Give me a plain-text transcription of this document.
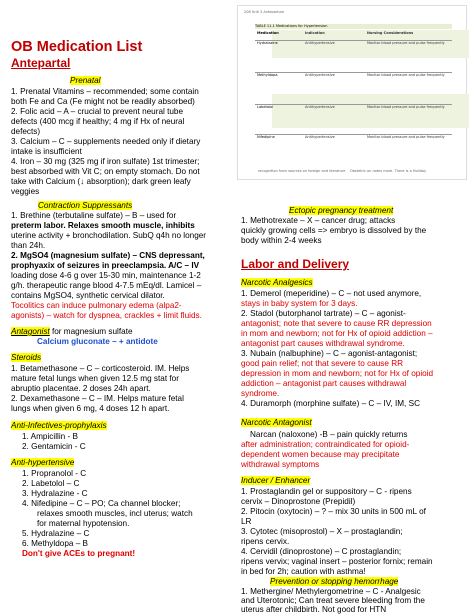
208 Unit 3 Antepartum
TABLE 11-1 Medications for Hypertension
Medication	Indication	Nursing Considerations
Hydralazine	Antihypertensive	Monitor blood pressure and pulse frequently
Methyldopa	Antihypertensive	Monitor blood pressure and pulse frequently
Labetalol	Antihypertensive	Monitor blood pressure and pulse frequently
Nifedipine	Antihypertensive	Monitor blood pressure and pulse frequently
recognition from sources on foreign and literature Obstetric on notes more. There is a Holiday
OB Medication List
Antepartal
Prenatal
1. Prenatal Vitamins – recommended; some contain
both Fe and Ca (Fe might not be readily absorbed)
2. Folic acid – A – crucial to prevent neural tube
defects (400 mcg if healthy; 4 mg if Hx of neural
defects)
3. Calcium – C – supplements needed only if dietary
intake is insufficient
4. Iron – 30 mg (325 mg if iron sulfate) 1st trimester;
best absorbed with Vit C; on empty stomach. Do not
take with Calcium (↓ absorption); dark green leafy
veggies
Contraction Suppressants
1. Brethine (terbutaline sulfate) – B – used for
preterm labor. Relaxes smooth muscle, inhibits
uterine activity + bronchodilation. SubQ q4h no longer
than 24h.
2. MgSO4 (magnesium sulfate) – CNS depressant,
prophyaxix of seizures in preeclampsia. A/C – IV
loading dose 4-6 g over 15-30 min, maintenance 1-2
g/h. therapeutic range blood 4-7.5 mEq/dl. Lamicel –
contains MgSO4, synthetic cervical dilator.
Tocolitics can induce pulmonary edema (alpa2-
agonists) – watch for dyspnea, crackles + limit fluids.
Antagonist for magnesium sulfate
Calcium gluconate – + antidote
Steroids
1. Betamethasone – C – corticosteroid. IM. Helps
mature fetal lungs when given 12.5 mg stat for
abruptio placentae. 2 doses 24h apart.
2. Dexamethasone – C – IM. Helps mature fetal
lungs when given 6 mg, 4 doses 12 h apart.
Anti-Infectives-prophylaxis
1. Ampicillin - B
2. Gentamicin - C
Anti-hypertensive
1. Propranolol - C
2. Labetolol – C
3. Hydralazine - C
4. Nifedipine – C – PO; Ca channel blocker;
relaxes smooth muscles, incl uterus; watch
for maternal hypotension.
5. Hydralazine – C
6. Methyldopa – B
Don't give ACEs to pregnant!
Ectopic pregnancy treatment
1. Methotrexate – X – cancer drug; attacks
quickly growing cells => embryo is dissolved by the
body within 2-4 weeks
Labor and Delivery
Narcotic Analgesics
1. Demerol (meperidine) – C – not used anymore,
stays in baby system for 3 days.
2. Stadol (butorphanol tartrate) – C – agonist-
antagonist; note that severe to cause RR depression
in mom and newborn; not for Hx of opioid addiction –
antagonist part causes withdrawal syndrome.
3. Nubain (nalbuphine) – C – agonist-antagonist;
good pain relief; not that severe to cause RR
depression in mom and newborn; not for Hx of opioid
addiction – antagonist part causes withdrawal
syndrome.
4. Duramorph (morphine sulfate) – C – IV, IM, SC
Narcotic Antagonist
Narcan (naloxone) -B – pain quickly returns
after administration; contraindicated for opioid-
dependent women because may precipitate
withdrawal symptoms
Inducer / Enhancer
1. Prostaglandin gel or suppository – C - ripens
cervix – Dinoprostone (Prepidil)
2. Pitocin (oxytocin) – ? – mix 30 units in 500 mL of
LR
3. Cytotec (misoprostol) – X – prostaglandin;
ripens cervix.
4. Cervidil (dinoprostone) – C prostaglandin;
ripens vervix; vaginal insert – posterior fornix; remain
in bed for 2h; caution with asthma!
Prevention or stopping hemorrhage
1. Methergine/ Methylergometrine – C - Analgesic
and Uterotonic; Can treat severe bleeding from the
uterus after childbirth. Not good for HTN
